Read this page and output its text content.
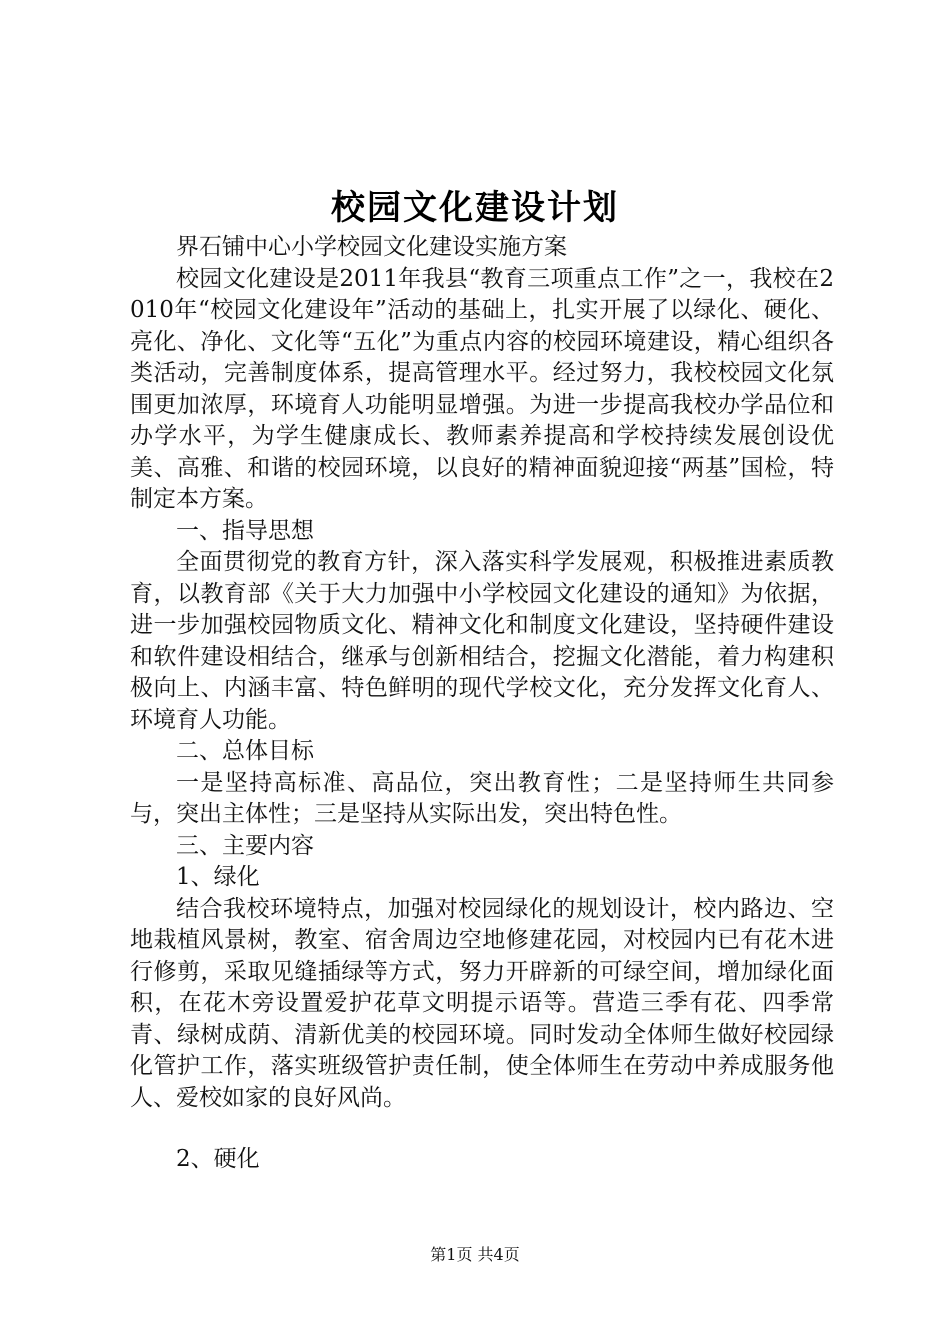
校园文化建设计划

界石铺中心小学校园文化建设实施方案

校园文化建设是2011年我县“教育三项重点工作”之一，我校在2010年“校园文化建设年”活动的基础上，扎实开展了以绿化、硬化、亮化、净化、文化等“五化”为重点内容的校园环境建设，精心组织各类活动，完善制度体系，提高管理水平。经过努力，我校校园文化氛围更加浓厚，环境育人功能明显增强。为进一步提高我校办学品位和办学水平，为学生健康成长、教师素养提高和学校持续发展创设优美、高雅、和谐的校园环境，以良好的精神面貌迎接“两基”国检，特制定本方案。

一、指导思想

全面贯彻党的教育方针，深入落实科学发展观，积极推进素质教育，以教育部《关于大力加强中小学校园文化建设的通知》为依据，进一步加强校园物质文化、精神文化和制度文化建设，坚持硬件建设和软件建设相结合，继承与创新相结合，挖掘文化潜能，着力构建积极向上、内涵丰富、特色鲜明的现代学校文化，充分发挥文化育人、环境育人功能。

二、总体目标

一是坚持高标准、高品位，突出教育性；二是坚持师生共同参与，突出主体性；三是坚持从实际出发，突出特色性。

三、主要内容

1、绿化

结合我校环境特点，加强对校园绿化的规划设计，校内路边、空地栽植风景树，教室、宿舍周边空地修建花园，对校园内已有花木进行修剪，采取见缝插绿等方式，努力开辟新的可绿空间，增加绿化面积，在花木旁设置爱护花草文明提示语等。营造三季有花、四季常青、绿树成荫、清新优美的校园环境。同时发动全体师生做好校园绿化管护工作，落实班级管护责任制，使全体师生在劳动中养成服务他人、爱校如家的良好风尚。

2、硬化

第1页 共4页
